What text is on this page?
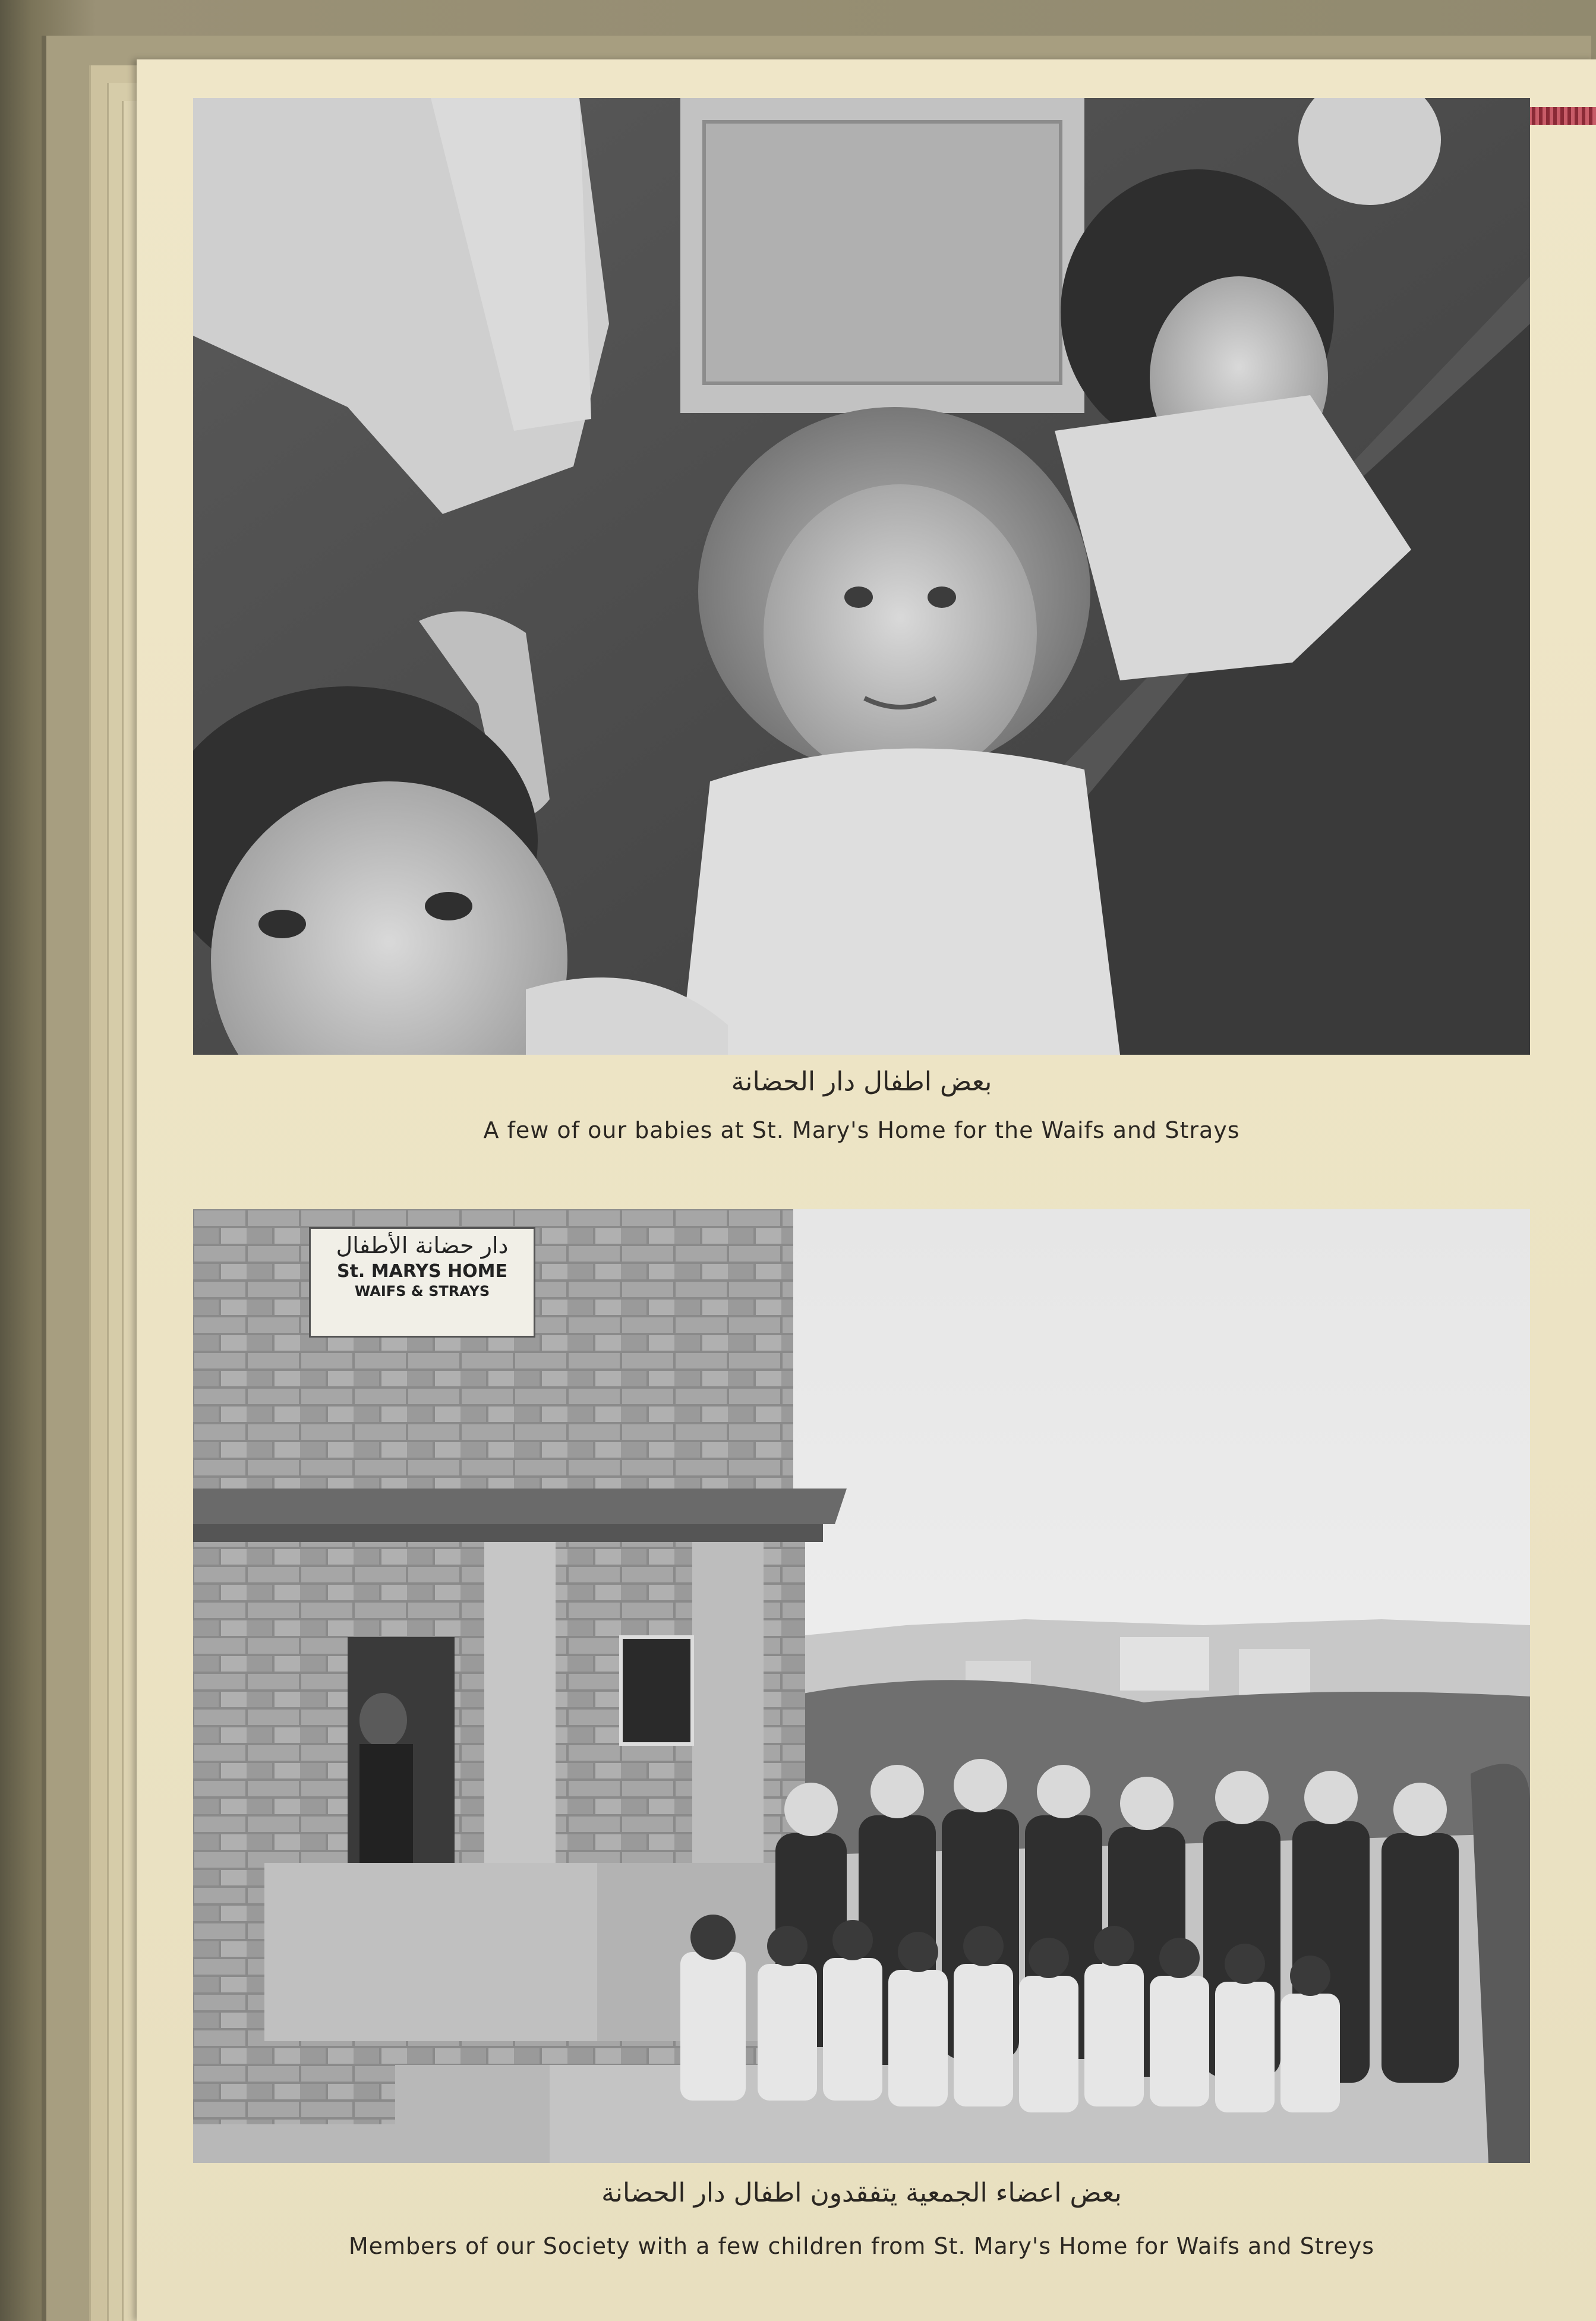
بعض اطفال دار الحضانة
A few of our babies at St. Mary's Home for the Waifs and Strays
دار حضانة الأطفال
St. MARYS HOME
WAIFS & STRAYS
بعض اعضاء الجمعية يتفقدون اطفال دار الحضانة
Members of our Society with a few children from St. Mary's Home for Waifs and Streys
